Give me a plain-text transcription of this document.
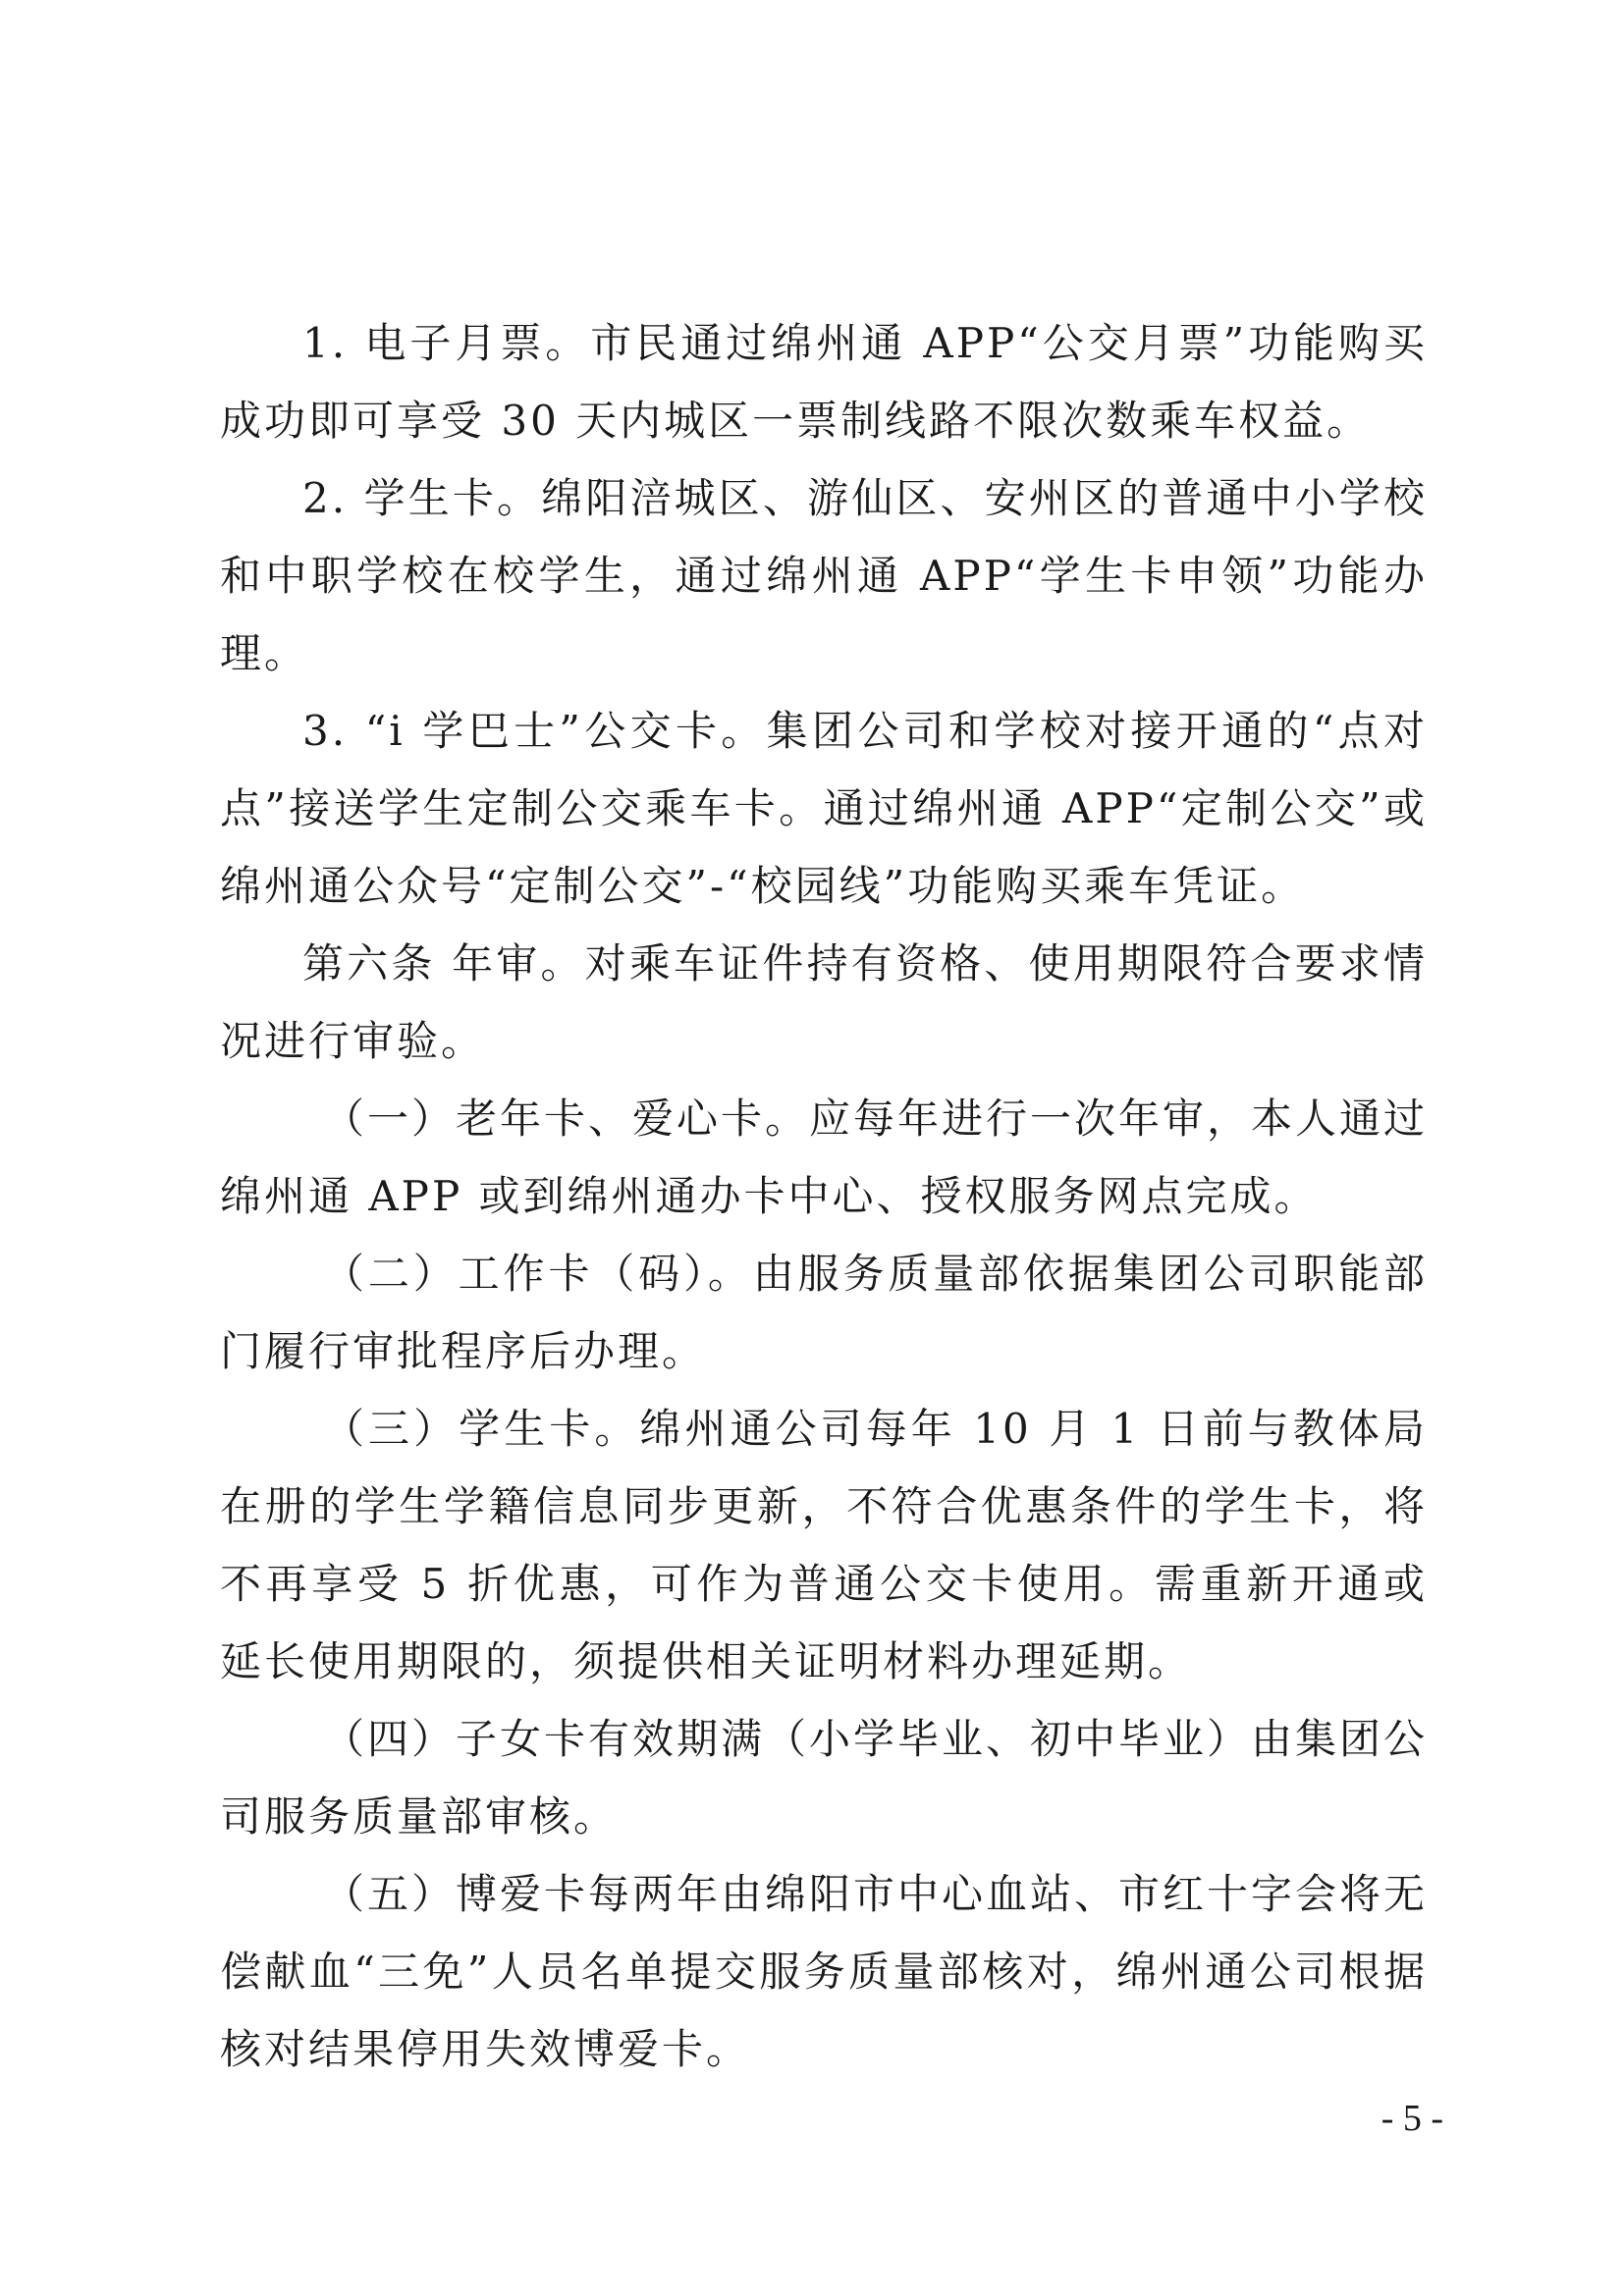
1. 电子月票。市民通过绵州通 APP“公交月票”功能购买成功即可享受 30 天内城区一票制线路不限次数乘车权益。

2. 学生卡。绵阳涪城区、游仙区、安州区的普通中小学校和中职学校在校学生，通过绵州通 APP“学生卡申领”功能办理。

3. “i 学巴士”公交卡。集团公司和学校对接开通的“点对点”接送学生定制公交乘车卡。通过绵州通 APP“定制公交”或绵州通公众号“定制公交”-“校园线”功能购买乘车凭证。

第六条 年审。对乘车证件持有资格、使用期限符合要求情况进行审验。

（一）老年卡、爱心卡。应每年进行一次年审，本人通过绵州通 APP 或到绵州通办卡中心、授权服务网点完成。

（二）工作卡（码）。由服务质量部依据集团公司职能部门履行审批程序后办理。

（三）学生卡。绵州通公司每年 10 月 1 日前与教体局在册的学生学籍信息同步更新，不符合优惠条件的学生卡，将不再享受 5 折优惠，可作为普通公交卡使用。需重新开通或延长使用期限的，须提供相关证明材料办理延期。

（四）子女卡有效期满（小学毕业、初中毕业）由集团公司服务质量部审核。

（五）博爱卡每两年由绵阳市中心血站、市红十字会将无偿献血“三免”人员名单提交服务质量部核对，绵州通公司根据核对结果停用失效博爱卡。

- 5 -
